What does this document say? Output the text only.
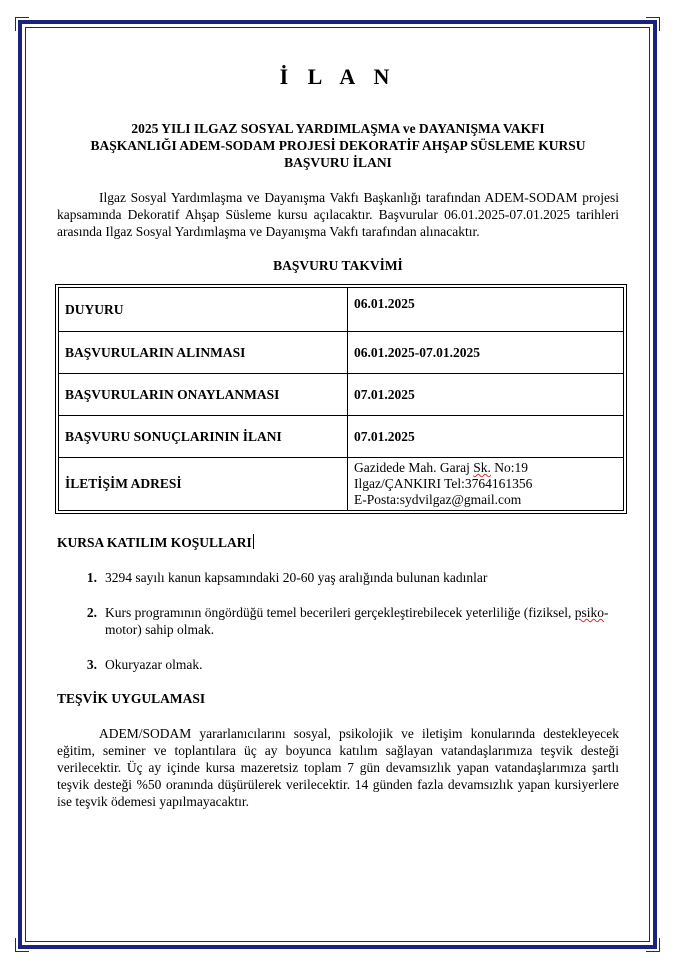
İ L A N
2025 YILI ILGAZ SOSYAL YARDIMLAŞMA ve DAYANIŞMA VAKFI
BAŞKANLIĞI ADEM-SODAM PROJESİ DEKORATİF AHŞAP SÜSLEME KURSU
BAŞVURU İLANI

Ilgaz Sosyal Yardımlaşma ve Dayanışma Vakfı Başkanlığı tarafından ADEM-SODAM projesi kapsamında Dekoratif Ahşap Süsleme kursu açılacaktır. Başvurular 06.01.2025-07.01.2025 tarihleri arasında Ilgaz Sosyal Yardımlaşma ve Dayanışma Vakfı tarafından alınacaktır.

BAŞVURU TAKVİMİ
DUYURU	06.01.2025
BAŞVURULARIN ALINMASI	06.01.2025-07.01.2025
BAŞVURULARIN ONAYLANMASI	07.01.2025
BAŞVURU SONUÇLARININ İLANI	07.01.2025
İLETİŞİM ADRESİ	Gazidede Mah. Garaj Sk. No:19
Ilgaz/ÇANKIRI Tel:3764161356
E-Posta:sydvilgaz@gmail.com
KURSA KATILIM KOŞULLARI
1. 3294 sayılı kanun kapsamındaki 20-60 yaş aralığında bulunan kadınlar
2. Kurs programının öngördüğü temel becerileri gerçekleştirebilecek yeterliliğe (fiziksel, psiko-motor) sahip olmak.
3. Okuryazar olmak.
TEŞVİK UYGULAMASI

ADEM/SODAM yararlanıcılarını sosyal, psikolojik ve iletişim konularında destekleyecek eğitim, seminer ve toplantılara üç ay boyunca katılım sağlayan vatandaşlarımıza teşvik desteği verilecektir. Üç ay içinde kursa mazeretsiz toplam 7 gün devamsızlık yapan vatandaşlarımıza şartlı teşvik desteği %50 oranında düşürülerek verilecektir. 14 günden fazla devamsızlık yapan kursiyerlere ise teşvik ödemesi yapılmayacaktır.
